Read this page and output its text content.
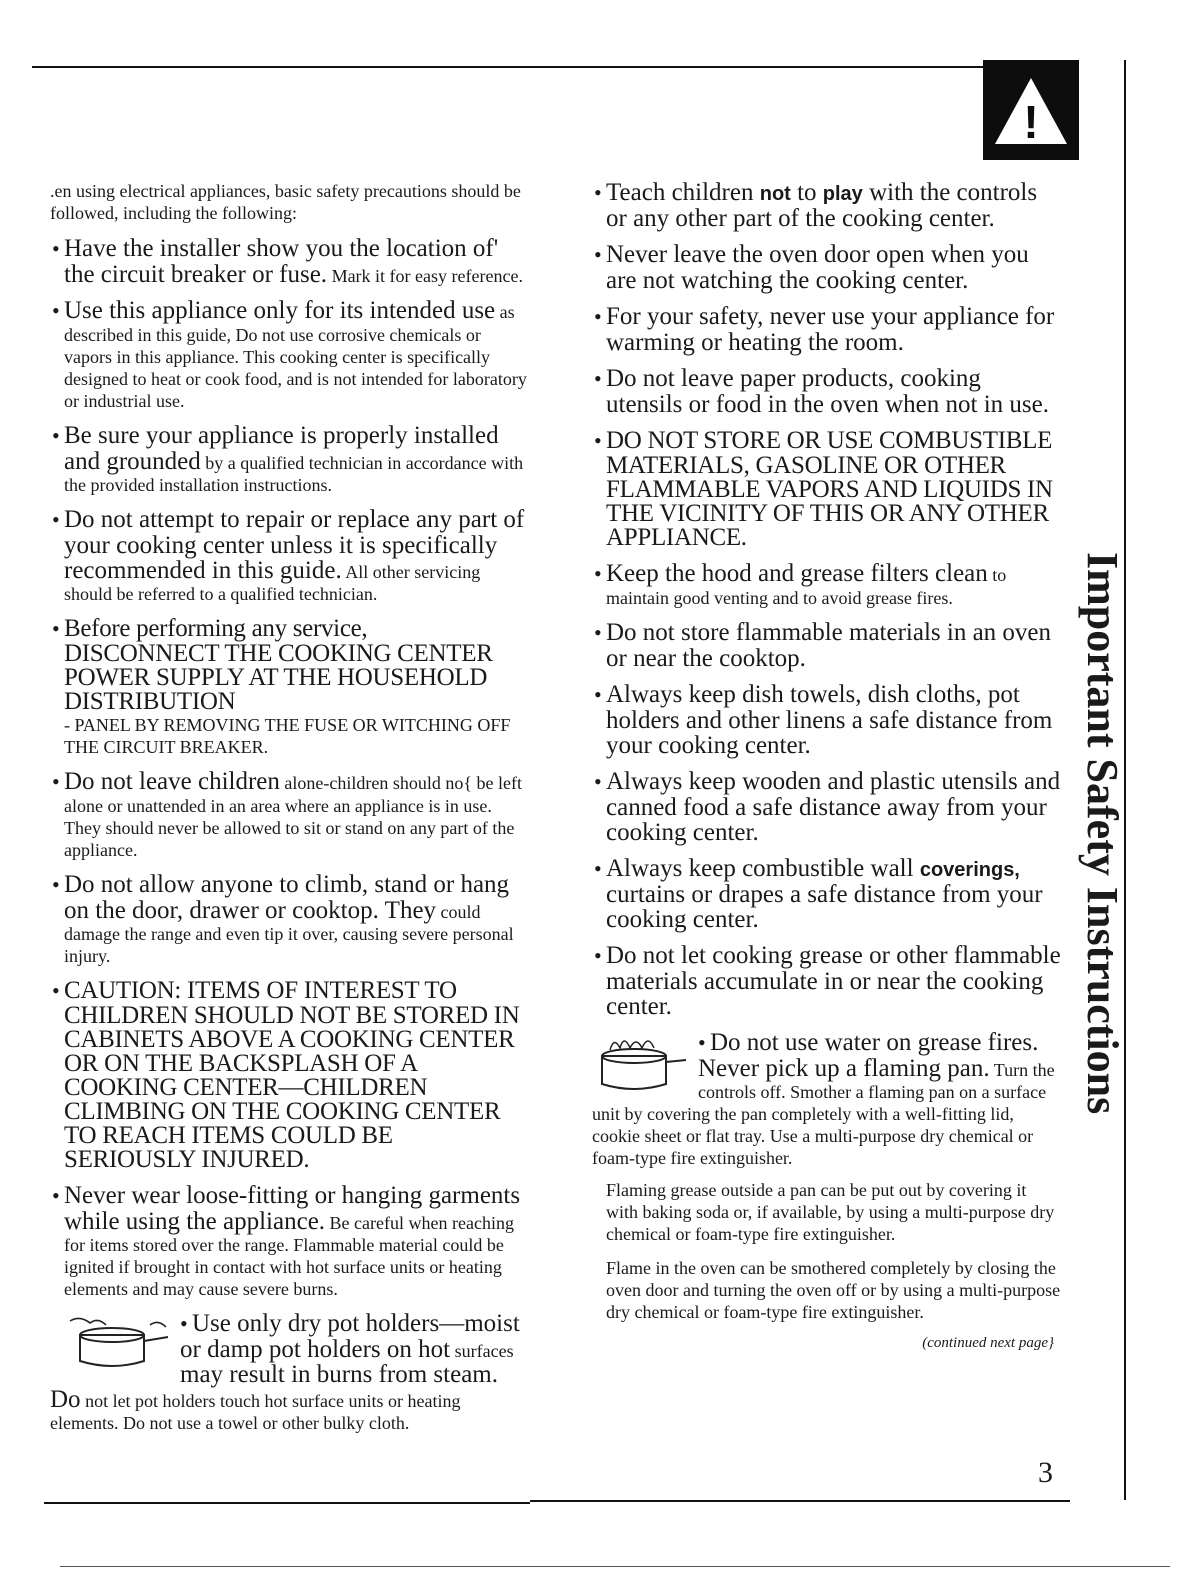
!

.en using electrical appliances, basic safety precautions should be followed, including the following:

• Have the installer show you the location of' the circuit breaker or fuse. Mark it for easy reference.
• Use this appliance only for its intended use as described in this guide, Do not use corrosive chemicals or vapors in this appliance. This cooking center is specifically designed to heat or cook food, and is not intended for laboratory or industrial use.
• Be sure your appliance is properly installed and grounded by a qualified technician in accordance with the provided installation instructions.
• Do not attempt to repair or replace any part of your cooking center unless it is specifically recommended in this guide. All other servicing should be referred to a qualified technician.
• Before performing any service, DISCONNECT THE COOKING CENTER POWER SUPPLY AT THE HOUSEHOLD DISTRIBUTION
- PANEL BY REMOVING THE FUSE OR WITCHING OFF THE CIRCUIT BREAKER.
• Do not leave children alone-children should no{ be left alone or unattended in an area where an appliance is in use. They should never be allowed to sit or stand on any part of the appliance.
• Do not allow anyone to climb, stand or hang on the door, drawer or cooktop. They could damage the range and even tip it over, causing severe personal injury.
• CAUTION: ITEMS OF INTEREST TO CHILDREN SHOULD NOT BE STORED IN CABINETS ABOVE A COOKING CENTER OR ON THE BACKSPLASH OF A COOKING CENTER—CHILDREN CLIMBING ON THE COOKING CENTER TO REACH ITEMS COULD BE SERIOUSLY INJURED.
• Never wear loose-fitting or hanging garments while using the appliance. Be careful when reaching for items stored over the range. Flammable material could be ignited if brought in contact with hot surface units or heating elements and may cause severe burns.
• Use only dry pot holders—moist or damp pot holders on hot surfaces may result in burns from steam. Do not let pot holders touch hot surface units or heating elements. Do not use a towel or other bulky cloth.
• Teach children not to play with the controls or any other part of the cooking center.
• Never leave the oven door open when you are not watching the cooking center.
• For your safety, never use your appliance for warming or heating the room.
• Do not leave paper products, cooking utensils or food in the oven when not in use.
• DO NOT STORE OR USE COMBUSTIBLE MATERIALS, GASOLINE OR OTHER FLAMMABLE VAPORS AND LIQUIDS IN THE VICINITY OF THIS OR ANY OTHER APPLIANCE.
• Keep the hood and grease filters clean to maintain good venting and to avoid grease fires.
• Do not store flammable materials in an oven or near the cooktop.
• Always keep dish towels, dish cloths, pot holders and other linens a safe distance from your cooking center.
• Always keep wooden and plastic utensils and canned food a safe distance away from your cooking center.
• Always keep combustible wall coverings, curtains or drapes a safe distance from your cooking center.
• Do not let cooking grease or other flammable materials accumulate in or near the cooking center.
• Do not use water on grease fires. Never pick up a flaming pan. Turn the controls off. Smother a flaming pan on a surface unit by covering the pan completely with a well-fitting lid, cookie sheet or flat tray. Use a multi-purpose dry chemical or foam-type fire extinguisher.

Flaming grease outside a pan can be put out by covering it with baking soda or, if available, by using a multi-purpose dry chemical or foam-type fire extinguisher.

Flame in the oven can be smothered completely by closing the oven door and turning the oven off or by using a multi-purpose dry chemical or foam-type fire extinguisher.

(continued next page}

Important Safety Instructions
3
